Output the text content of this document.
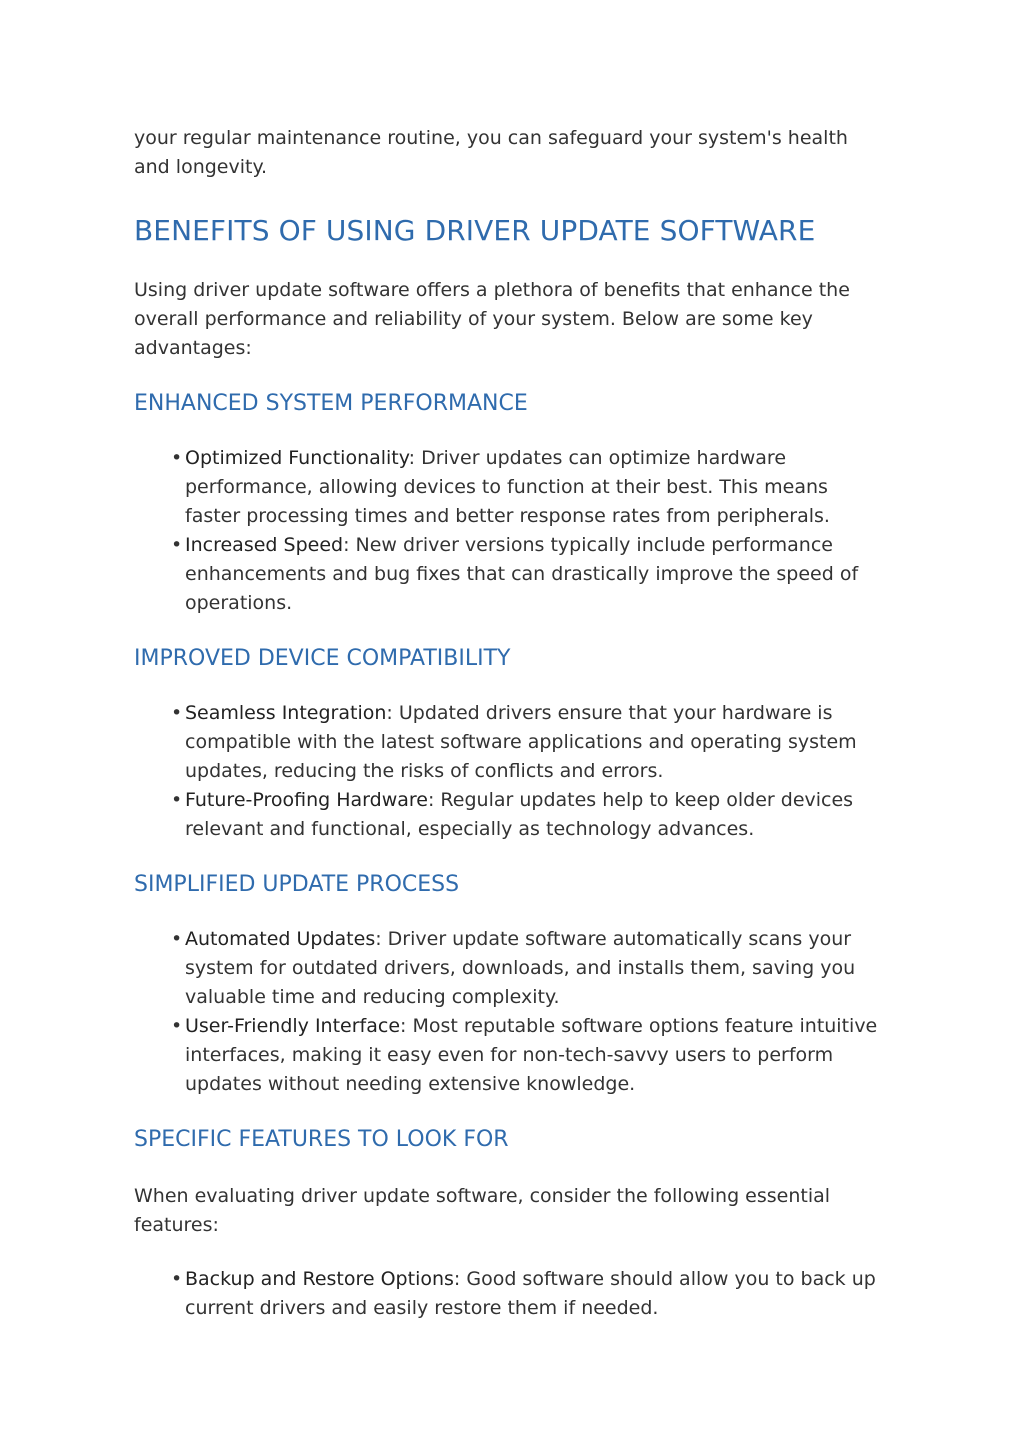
your regular maintenance routine, you can safeguard your system's health and longevity.

BENEFITS OF USING DRIVER UPDATE SOFTWARE

Using driver update software offers a plethora of benefits that enhance the overall performance and reliability of your system. Below are some key advantages:

ENHANCED SYSTEM PERFORMANCE
• Optimized Functionality: Driver updates can optimize hardware performance, allowing devices to function at their best. This means faster processing times and better response rates from peripherals.
• Increased Speed: New driver versions typically include performance enhancements and bug fixes that can drastically improve the speed of operations.
IMPROVED DEVICE COMPATIBILITY
• Seamless Integration: Updated drivers ensure that your hardware is compatible with the latest software applications and operating system updates, reducing the risks of conflicts and errors.
• Future-Proofing Hardware: Regular updates help to keep older devices relevant and functional, especially as technology advances.
SIMPLIFIED UPDATE PROCESS
• Automated Updates: Driver update software automatically scans your system for outdated drivers, downloads, and installs them, saving you valuable time and reducing complexity.
• User-Friendly Interface: Most reputable software options feature intuitive interfaces, making it easy even for non-tech-savvy users to perform updates without needing extensive knowledge.
SPECIFIC FEATURES TO LOOK FOR

When evaluating driver update software, consider the following essential features:

• Backup and Restore Options: Good software should allow you to back up current drivers and easily restore them if needed.
